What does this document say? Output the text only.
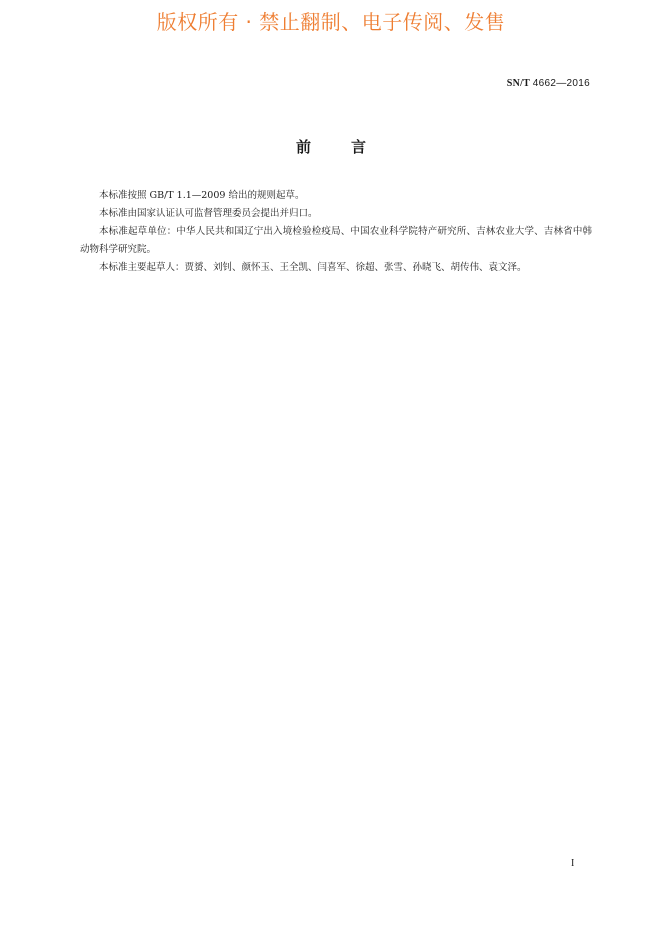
版权所有 · 禁止翻制、电子传阅、发售
SN/T 4662—2016
前言

本标准按照 GB/T 1.1—2009 给出的规则起草。

本标准由国家认证认可监督管理委员会提出并归口。

本标准起草单位：中华人民共和国辽宁出入境检验检疫局、中国农业科学院特产研究所、吉林农业大学、吉林省中韩动物科学研究院。

本标准主要起草人：贾赟、刘钊、颜怀玉、王全凯、闫喜军、徐超、张雪、孙晓飞、胡传伟、袁文泽。

I
